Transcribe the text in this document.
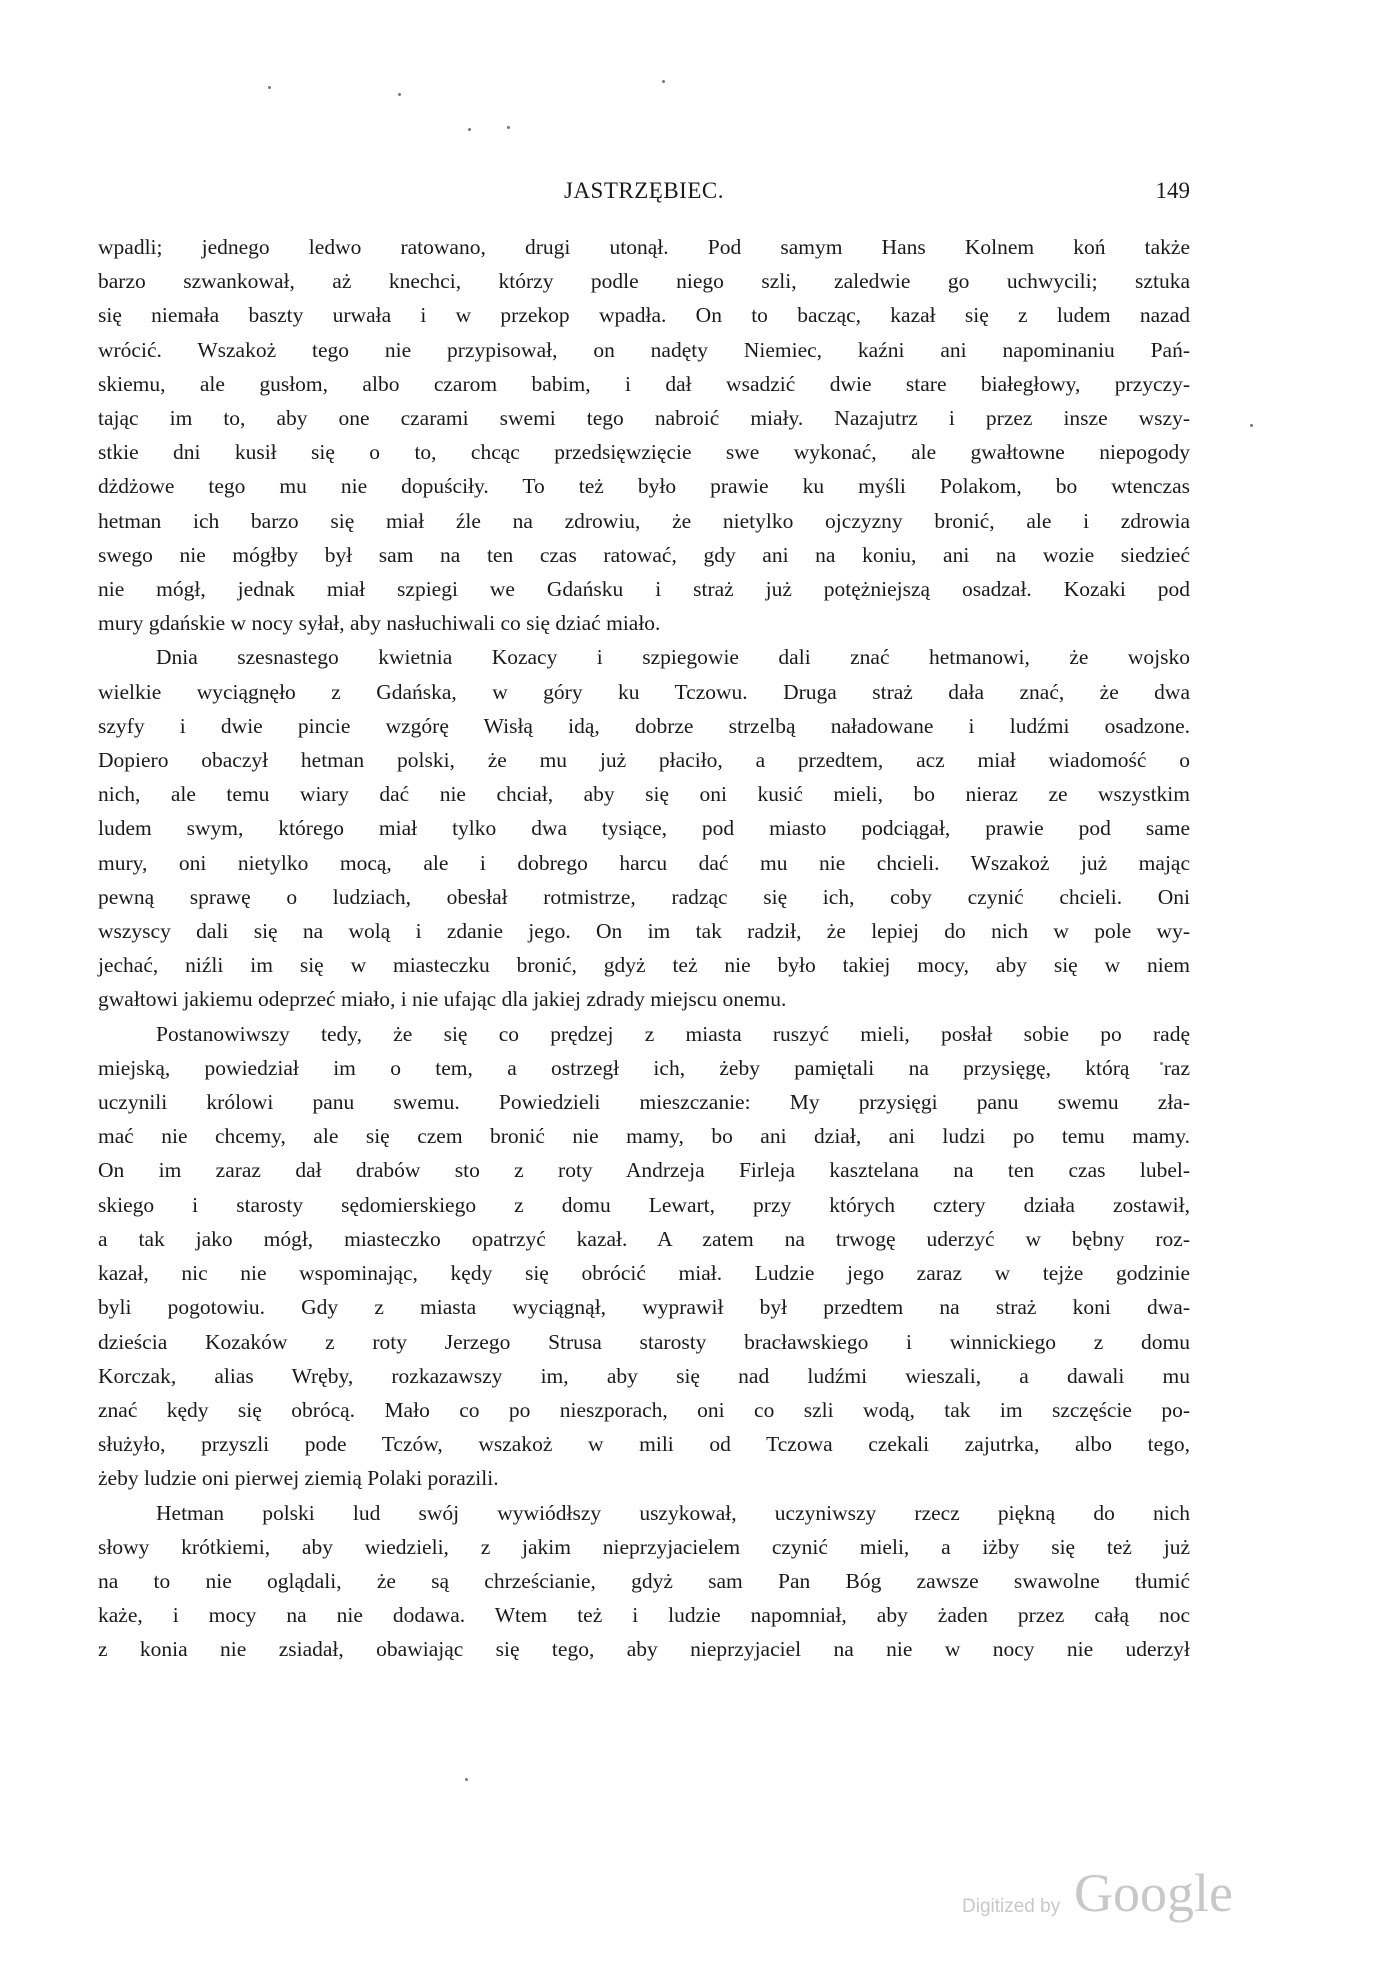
JASTRZĘBIEC.	149

wpadli; jednego ledwo ratowano, drugi utonął. Pod samym Hans Kolnem koń także
barzo szwankował, aż knechci, którzy podle niego szli, zaledwie go uchwycili; sztuka
się niemała baszty urwała i w przekop wpadła. On to bacząc, kazał się z ludem nazad
wrócić. Wszakoż tego nie przypisował, on nadęty Niemiec, kaźni ani napominaniu Pań-
skiemu, ale gusłom, albo czarom babim, i dał wsadzić dwie stare białegłowy, przyczy-
tając im to, aby one czarami swemi tego nabroić miały. Nazajutrz i przez insze wszy-
stkie dni kusił się o to, chcąc przedsięwzięcie swe wykonać, ale gwałtowne niepogody
dżdżowe tego mu nie dopuściły. To też było prawie ku myśli Polakom, bo wtenczas
hetman ich barzo się miał źle na zdrowiu, że nietylko ojczyzny bronić, ale i zdrowia
swego nie mógłby był sam na ten czas ratować, gdy ani na koniu, ani na wozie siedzieć
nie mógł, jednak miał szpiegi we Gdańsku i straż już potężniejszą osadzał. Kozaki pod
mury gdańskie w nocy syłał, aby nasłuchiwali co się dziać miało.

Dnia szesnastego kwietnia Kozacy i szpiegowie dali znać hetmanowi, że wojsko
wielkie wyciągnęło z Gdańska, w góry ku Tczowu. Druga straż dała znać, że dwa
szyfy i dwie pincie wzgórę Wisłą idą, dobrze strzelbą naładowane i ludźmi osadzone.
Dopiero obaczył hetman polski, że mu już płaciło, a przedtem, acz miał wiadomość o
nich, ale temu wiary dać nie chciał, aby się oni kusić mieli, bo nieraz ze wszystkim
ludem swym, którego miał tylko dwa tysiące, pod miasto podciągał, prawie pod same
mury, oni nietylko mocą, ale i dobrego harcu dać mu nie chcieli. Wszakoż już mając
pewną sprawę o ludziach, obesłał rotmistrze, radząc się ich, coby czynić chcieli. Oni
wszyscy dali się na wolą i zdanie jego. On im tak radził, że lepiej do nich w pole wy-
jechać, niźli im się w miasteczku bronić, gdyż też nie było takiej mocy, aby się w niem
gwałtowi jakiemu odeprzeć miało, i nie ufając dla jakiej zdrady miejscu onemu.

Postanowiwszy tedy, że się co prędzej z miasta ruszyć mieli, posłał sobie po radę
miejską, powiedział im o tem, a ostrzegł ich, żeby pamiętali na przysięgę, którą raz
uczynili królowi panu swemu. Powiedzieli mieszczanie: My przysięgi panu swemu zła-
mać nie chcemy, ale się czem bronić nie mamy, bo ani dział, ani ludzi po temu mamy.
On im zaraz dał drabów sto z roty Andrzeja Firleja kasztelana na ten czas lubel-
skiego i starosty sędomierskiego z domu Lewart, przy których cztery działa zostawił,
a tak jako mógł, miasteczko opatrzyć kazał. A zatem na trwogę uderzyć w bębny roz-
kazał, nic nie wspominając, kędy się obrócić miał. Ludzie jego zaraz w tejże godzinie
byli pogotowiu. Gdy z miasta wyciągnął, wyprawił był przedtem na straż koni dwa-
dzieścia Kozaków z roty Jerzego Strusa starosty bracławskiego i winnickiego z domu
Korczak, alias Wręby, rozkazawszy im, aby się nad ludźmi wieszali, a dawali mu
znać kędy się obrócą. Mało co po nieszporach, oni co szli wodą, tak im szczęście po-
służyło, przyszli pode Tczów, wszakoż w mili od Tczowa czekali zajutrka, albo tego,
żeby ludzie oni pierwej ziemią Polaki porazili.

Hetman polski lud swój wywiódłszy uszykował, uczyniwszy rzecz piękną do nich
słowy krótkiemi, aby wiedzieli, z jakim nieprzyjacielem czynić mieli, a iżby się też już
na to nie oglądali, że są chrześcianie, gdyż sam Pan Bóg zawsze swawolne tłumić
każe, i mocy na nie dodawa. Wtem też i ludzie napomniał, aby żaden przez całą noc
z konia nie zsiadał, obawiając się tego, aby nieprzyjaciel na nie w nocy nie uderzył

Digitized by Google
